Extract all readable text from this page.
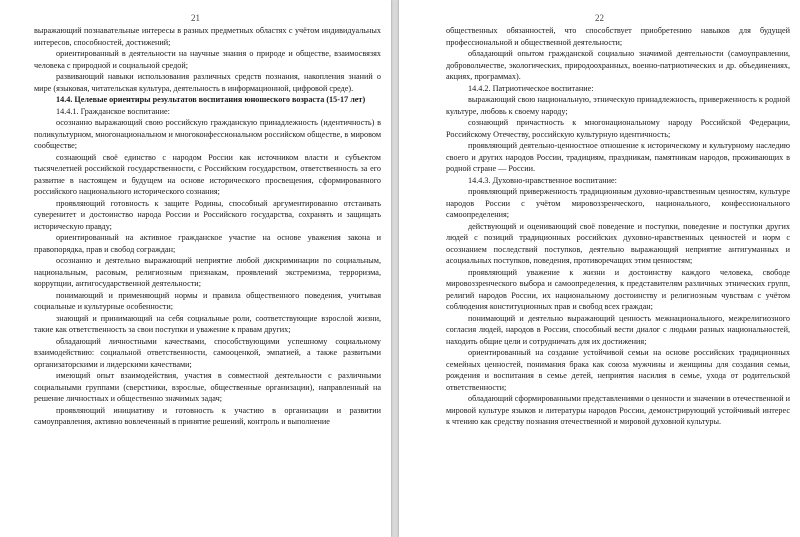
21

выражающий познавательные интересы в разных предметных областях с учётом индивидуальных интересов, способностей, достижений;

ориентированный в деятельности на научные знания о природе и обществе, взаимосвязях человека с природной и социальной средой;

развивающий навыки использования различных средств познания, накопления знаний о мире (языковая, читательская культура, деятельность в информационной, цифровой среде).

14.4. Целевые ориентиры результатов воспитания юношеского возраста (15-17 лет)

14.4.1. Гражданское воспитание:

осознанно выражающий свою российскую гражданскую принадлежность (идентичность) в поликультурном, многонациональном и многоконфессиональном российском обществе, в мировом сообществе;

сознающий своё единство с народом России как источником власти и субъектом тысячелетней российской государственности, с Российским государством, ответственность за его развитие в настоящем и будущем на основе исторического просвещения, сформированного российского национального исторического сознания;

проявляющий готовность к защите Родины, способный аргументированно отстаивать суверенитет и достоинство народа России и Российского государства, сохранять и защищать историческую правду;

ориентированный на активное гражданское участие на основе уважения закона и правопорядка, прав и свобод сограждан;

осознанно и деятельно выражающий неприятие любой дискриминации по социальным, национальным, расовым, религиозным признакам, проявлений экстремизма, терроризма, коррупции, антигосударственной деятельности;

понимающий и применяющий нормы и правила общественного поведения, учитывая социальные и культурные особенности;

знающий и принимающий на себя социальные роли, соответствующие взрослой жизни, такие как ответственность за свои поступки и уважение к правам других;

обладающий личностными качествами, способствующими успешному социальному взаимодействию: социальной ответственности, самооценкой, эмпатией, а также развитыми организаторскими и лидерскими качествами;

имеющий опыт взаимодействия, участия в совместной деятельности с различными социальными группами (сверстники, взрослые, общественные организации), направленный на решение личностных и общественно значимых задач;

проявляющий инициативу и готовность к участию в организации и развитии самоуправления, активно вовлеченный в принятие решений, контроль и выполнение

22

общественных обязанностей, что способствует приобретению навыков для будущей профессиональной и общественной деятельности;

обладающий опытом гражданской социально значимой деятельности (самоуправлении, добровольчестве, экологических, природоохранных, военно-патриотических и др. объединениях, акциях, программах).

14.4.2. Патриотическое воспитание:

выражающий свою национальную, этническую принадлежность, приверженность к родной культуре, любовь к своему народу;

сознающий причастность к многонациональному народу Российской Федерации, Российскому Отечеству, российскую культурную идентичность;

проявляющий деятельно-ценностное отношение к историческому и культурному наследию своего и других народов России, традициям, праздникам, памятникам народов, проживающих в родной стране — России.

14.4.3. Духовно-нравственное воспитание:

проявляющий приверженность традиционным духовно-нравственным ценностям, культуре народов России с учётом мировоззренческого, национального, конфессионального самоопределения;

действующий и оценивающий своё поведение и поступки, поведение и поступки других людей с позиций традиционных российских духовно-нравственных ценностей и норм с осознанием последствий поступков, деятельно выражающий неприятие антигуманных и асоциальных поступков, поведения, противоречащих этим ценностям;

проявляющий уважение к жизни и достоинству каждого человека, свободе мировоззренческого выбора и самоопределения, к представителям различных этнических групп, религий народов России, их национальному достоинству и религиозным чувствам с учётом соблюдения конституционных прав и свобод всех граждан;

понимающий и деятельно выражающий ценность межнационального, межрелигиозного согласия людей, народов в России, способный вести диалог с людьми разных национальностей, находить общие цели и сотрудничать для их достижения;

ориентированный на создание устойчивой семьи на основе российских традиционных семейных ценностей, понимания брака как союза мужчины и женщины для создания семьи, рождения и воспитания в семье детей, неприятия насилия в семье, ухода от родительской ответственности;

обладающий сформированными представлениями о ценности и значении в отечественной и мировой культуре языков и литературы народов России, демонстрирующий устойчивый интерес к чтению как средству познания отечественной и мировой духовной культуры.
